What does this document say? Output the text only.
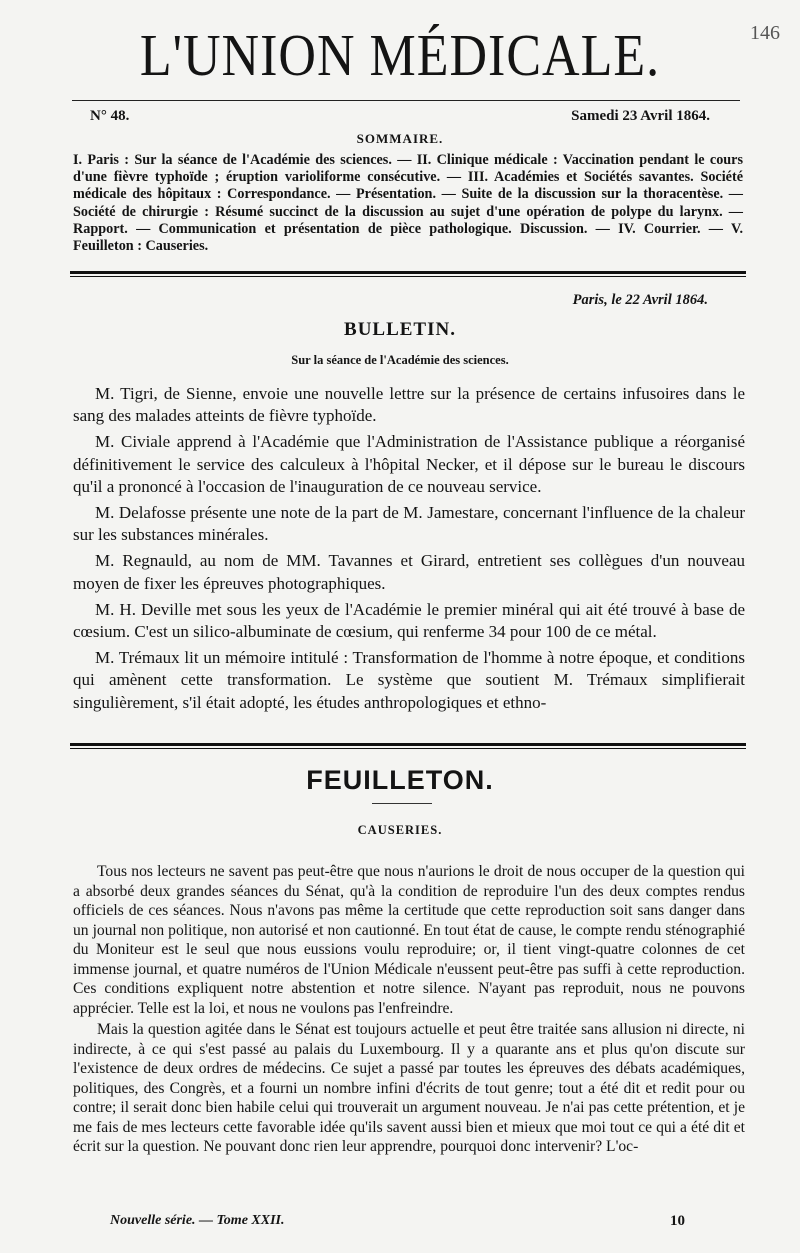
146
L'UNION MÉDICALE.
N° 48.	Samedi 23 Avril 1864.
SOMMAIRE.

I. Paris : Sur la séance de l'Académie des sciences. — II. Clinique médicale : Vaccination pendant le cours d'une fièvre typhoïde ; éruption varioliforme consécutive. — III. Académies et Sociétés savantes. Société médicale des hôpitaux : Correspondance. — Présentation. — Suite de la discussion sur la thoracentèse. — Société de chirurgie : Résumé succinct de la discussion au sujet d'une opération de polype du larynx. — Rapport. — Communication et présentation de pièce pathologique. Discussion. — IV. Courrier. — V. Feuilleton : Causeries.

Paris, le 22 Avril 1864.
BULLETIN.
Sur la séance de l'Académie des sciences.

M. Tigri, de Sienne, envoie une nouvelle lettre sur la présence de certains infusoires dans le sang des malades atteints de fièvre typhoïde.

M. Civiale apprend à l'Académie que l'Administration de l'Assistance publique a réorganisé définitivement le service des calculeux à l'hôpital Necker, et il dépose sur le bureau le discours qu'il a prononcé à l'occasion de l'inauguration de ce nouveau service.

M. Delafosse présente une note de la part de M. Jamestare, concernant l'influence de la chaleur sur les substances minérales.

M. Regnauld, au nom de MM. Tavannes et Girard, entretient ses collègues d'un nouveau moyen de fixer les épreuves photographiques.

M. H. Deville met sous les yeux de l'Académie le premier minéral qui ait été trouvé à base de cœsium. C'est un silico-albuminate de cœsium, qui renferme 34 pour 100 de ce métal.

M. Trémaux lit un mémoire intitulé : Transformation de l'homme à notre époque, et conditions qui amènent cette transformation. Le système que soutient M. Trémaux simplifierait singulièrement, s'il était adopté, les études anthropologiques et ethno-

FEUILLETON.
CAUSERIES.

Tous nos lecteurs ne savent pas peut-être que nous n'aurions le droit de nous occuper de la question qui a absorbé deux grandes séances du Sénat, qu'à la condition de reproduire l'un des deux comptes rendus officiels de ces séances. Nous n'avons pas même la certitude que cette reproduction soit sans danger dans un journal non politique, non autorisé et non cautionné. En tout état de cause, le compte rendu sténographié du Moniteur est le seul que nous eussions voulu reproduire; or, il tient vingt-quatre colonnes de cet immense journal, et quatre numéros de l'Union Médicale n'eussent peut-être pas suffi à cette reproduction. Ces conditions expliquent notre abstention et notre silence. N'ayant pas reproduit, nous ne pouvons apprécier. Telle est la loi, et nous ne voulons pas l'enfreindre.

Mais la question agitée dans le Sénat est toujours actuelle et peut être traitée sans allusion ni directe, ni indirecte, à ce qui s'est passé au palais du Luxembourg. Il y a quarante ans et plus qu'on discute sur l'existence de deux ordres de médecins. Ce sujet a passé par toutes les épreuves des débats académiques, politiques, des Congrès, et a fourni un nombre infini d'écrits de tout genre; tout a été dit et redit pour ou contre; il serait donc bien habile celui qui trouverait un argument nouveau. Je n'ai pas cette prétention, et je me fais de mes lecteurs cette favorable idée qu'ils savent aussi bien et mieux que moi tout ce qui a été dit et écrit sur la question. Ne pouvant donc rien leur apprendre, pourquoi donc intervenir? L'oc-

Nouvelle série. — Tome XXII.	10
